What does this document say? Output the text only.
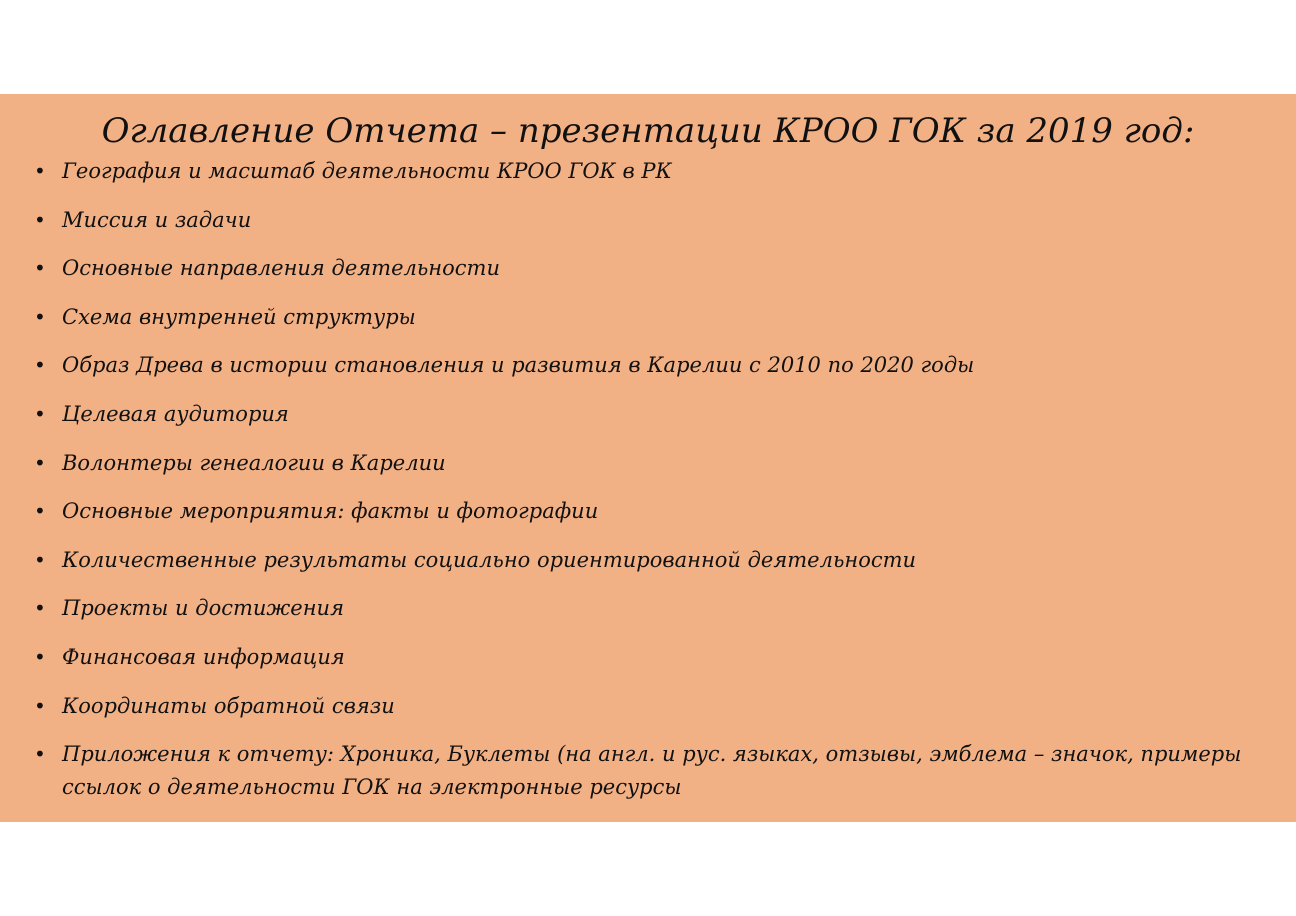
Оглавление Отчета – презентации КРОО ГОК за 2019 год:
• География и масштаб деятельности КРОО ГОК в РК
• Миссия и задачи
• Основные направления деятельности
• Схема внутренней структуры
• Образ Древа в истории становления и развития в Карелии с 2010 по 2020 годы
• Целевая аудитория
• Волонтеры генеалогии в Карелии
• Основные мероприятия: факты и фотографии
• Количественные результаты социально ориентированной деятельности
• Проекты и достижения
• Финансовая информация
• Координаты обратной связи
• Приложения к отчету: Хроника, Буклеты (на англ. и рус. языках, отзывы, эмблема – значок, примеры ссылок о деятельности ГОК на электронные ресурсы
